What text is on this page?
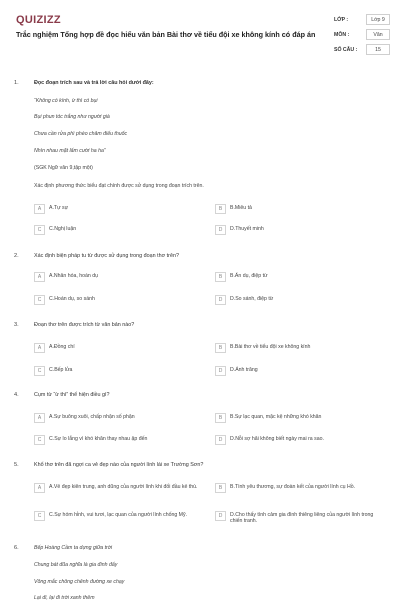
QUIZIZZ
Trắc nghiệm Tổng hợp đề đọc hiểu văn bản Bài thơ về tiểu đội xe không kính có đáp án
LỚP :	Lớp 9
MÔN :	Văn
SỐ CÂU :	15
1.	Đọc đoạn trích sau và trả lời câu hỏi dưới đây:
“Không có kính, ừ thì có bụi
Bụi phun tóc trắng như người già
Chưa cần rửa phì phèo châm điếu thuốc
Nhìn nhau mặt lấm cười ha ha”
(SGK Ngữ văn 9,tập một)
Xác định phương thức biểu đạt chính được sử dụng trong đoạn trích trên.
A	A.Tự sự	B	B.Miêu tả
C	C.Nghị luận	D	D.Thuyết minh
2.	Xác định biện pháp tu từ được sử dụng trong đoạn thơ trên?
A	A.Nhân hóa, hoán dụ	B	B.Ẩn dụ, điệp từ
C	C.Hoán dụ, so sánh	D	D.So sánh, điệp từ
3.	Đoạn thơ trên được trích từ văn bản nào?
A	A.Đồng chí	B	B.Bài thơ về tiểu đội xe không kính
C	C.Bếp lửa	D	D.Ánh trăng
4.	Cụm từ “ừ thì” thể hiện điều gì?
A	A.Sự buông xuôi, chấp nhận số phận	B	B.Sự lạc quan, mặc kệ những khó khăn
C	C.Sự lo lắng vì khó khăn thay nhau ập đến	D	D.Nỗi sợ hãi không biết ngày mai ra sao.
5.	Khổ thơ trên đã ngợi ca vẻ đẹp nào của người lính lái xe Trường Sơn?
A	A.Vẻ đẹp kiên trung, anh dũng của người lính khi đối đầu kẻ thù.	B	B.Tình yêu thương, sự đoàn kết của người lính cụ Hồ.
C	C.Sự hóm hỉnh, vui tươi, lạc quan của người lính chống Mỹ.	D	D.Cho thấy tình cảm gia đình thiêng liêng của người lính trong chiến tranh.
6.	Bếp Hoàng Cầm ta dựng giữa trời
Chung bát đũa nghĩa là gia đình đấy
Võng mắc chông chênh đường xe chạy
Lại đi, lại đi trời xanh thêm
